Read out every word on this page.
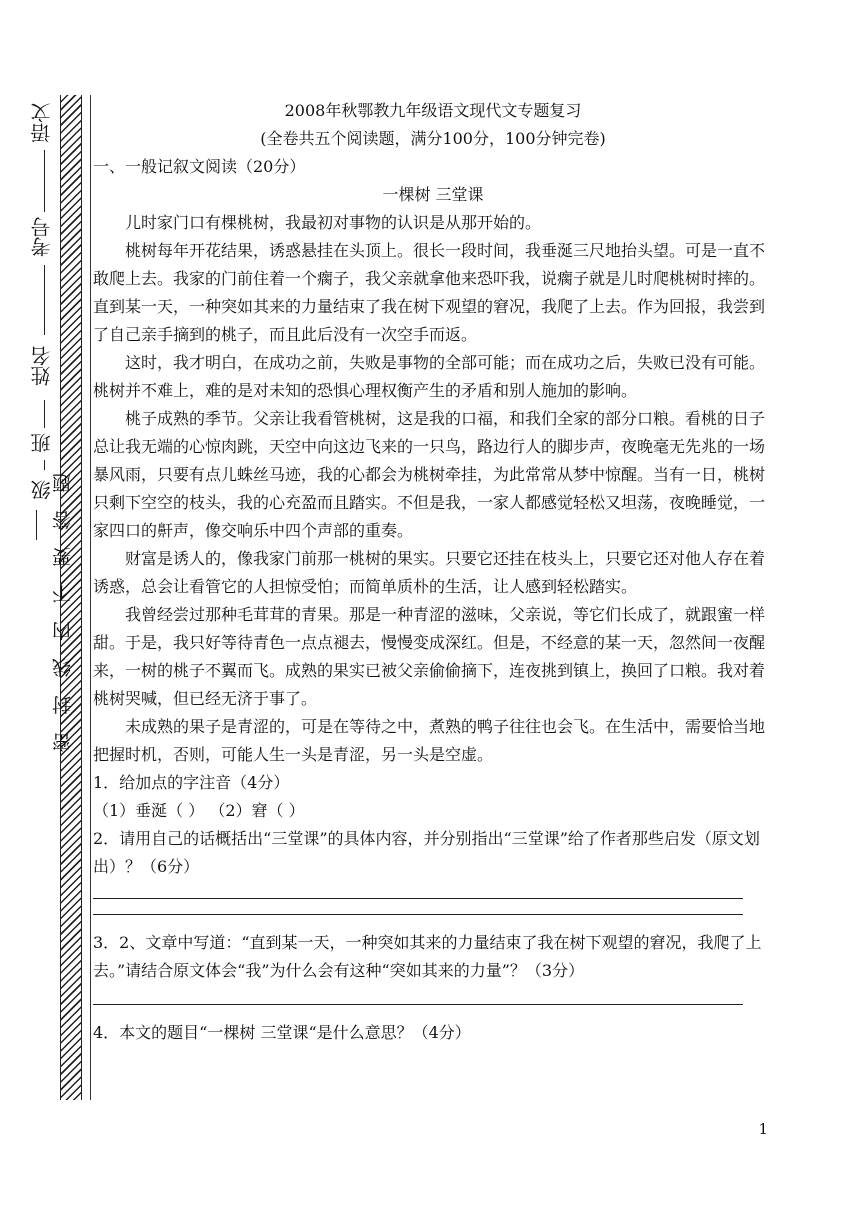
语文
考号
姓名
班
级
密 封 线 内 不 要 答 题

2008年秋鄂教九年级语文现代文专题复习

(全卷共五个阅读题，满分100分，100分钟完卷)

一、一般记叙文阅读（20分）

一棵树 三堂课

儿时家门口有棵桃树，我最初对事物的认识是从那开始的。

桃树每年开花结果，诱惑悬挂在头顶上。很长一段时间，我垂涎三尺地抬头望。可是一直不敢爬上去。我家的门前住着一个瘸子，我父亲就拿他来恐吓我，说瘸子就是儿时爬桃树时摔的。直到某一天，一种突如其来的力量结束了我在树下观望的窘况，我爬了上去。作为回报，我尝到了自己亲手摘到的桃子，而且此后没有一次空手而返。

这时，我才明白，在成功之前，失败是事物的全部可能；而在成功之后，失败已没有可能。桃树并不难上，难的是对未知的恐惧心理权衡产生的矛盾和别人施加的影响。

桃子成熟的季节。父亲让我看管桃树，这是我的口福，和我们全家的部分口粮。看桃的日子总让我无端的心惊肉跳，天空中向这边飞来的一只鸟，路边行人的脚步声，夜晚毫无先兆的一场暴风雨，只要有点儿蛛丝马迹，我的心都会为桃树牵挂，为此常常从梦中惊醒。当有一日，桃树只剩下空空的枝头，我的心充盈而且踏实。不但是我，一家人都感觉轻松又坦荡，夜晚睡觉，一家四口的鼾声，像交响乐中四个声部的重奏。

财富是诱人的，像我家门前那一桃树的果实。只要它还挂在枝头上，只要它还对他人存在着诱惑，总会让看管它的人担惊受怕；而简单质朴的生活，让人感到轻松踏实。

我曾经尝过那种毛茸茸的青果。那是一种青涩的滋味，父亲说，等它们长成了，就跟蜜一样甜。于是，我只好等待青色一点点褪去，慢慢变成深红。但是，不经意的某一天，忽然间一夜醒来，一树的桃子不翼而飞。成熟的果实已被父亲偷偷摘下，连夜挑到镇上，换回了口粮。我对着桃树哭喊，但已经无济于事了。

未成熟的果子是青涩的，可是在等待之中，煮熟的鸭子往往也会飞。在生活中，需要恰当地把握时机，否则，可能人生一头是青涩，另一头是空虚。

1．给加点的字注音（4分）

（1）垂涎（ ） （2）窘（ ）

2．请用自己的话概括出“三堂课”的具体内容，并分别指出“三堂课”给了作者那些启发（原文划出）？（6分）

3．2、文章中写道：“直到某一天，一种突如其来的力量结束了我在树下观望的窘况，我爬了上去。”请结合原文体会“我”为什么会有这种“突如其来的力量”？（3分）

4．本文的题目“一棵树 三堂课“是什么意思？（4分）

1
